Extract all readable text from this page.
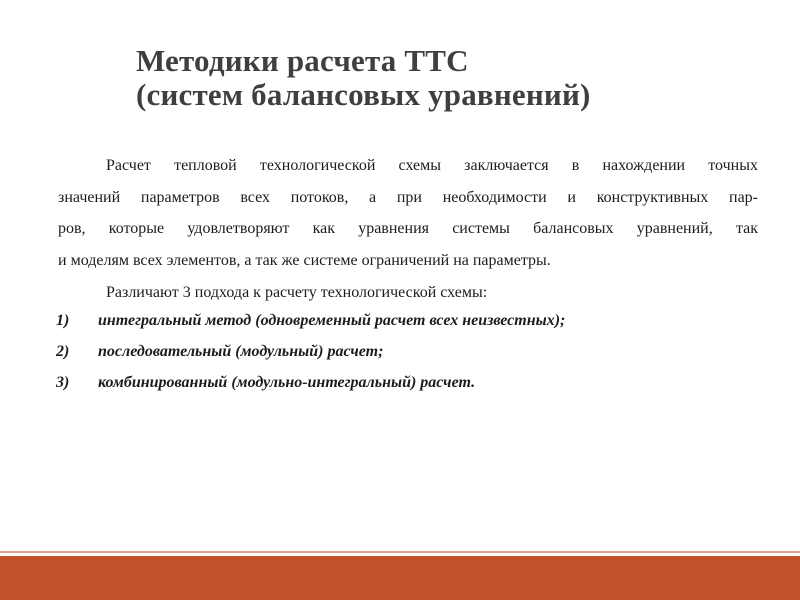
Методики расчета ТТС
(систем балансовых уравнений)
Расчет тепловой технологической схемы заключается в нахождении точных
значений параметров всех потоков, а при необходимости и конструктивных пар-
ров, которые удовлетворяют как уравнения системы балансовых уравнений, так
и моделям всех элементов, а так же системе ограничений на параметры.
Различают 3 подхода к расчету технологической схемы:
1) интегральный метод (одновременный расчет всех неизвестных);
2) последовательный (модульный) расчет;
3) комбинированный (модульно-интегральный) расчет.
